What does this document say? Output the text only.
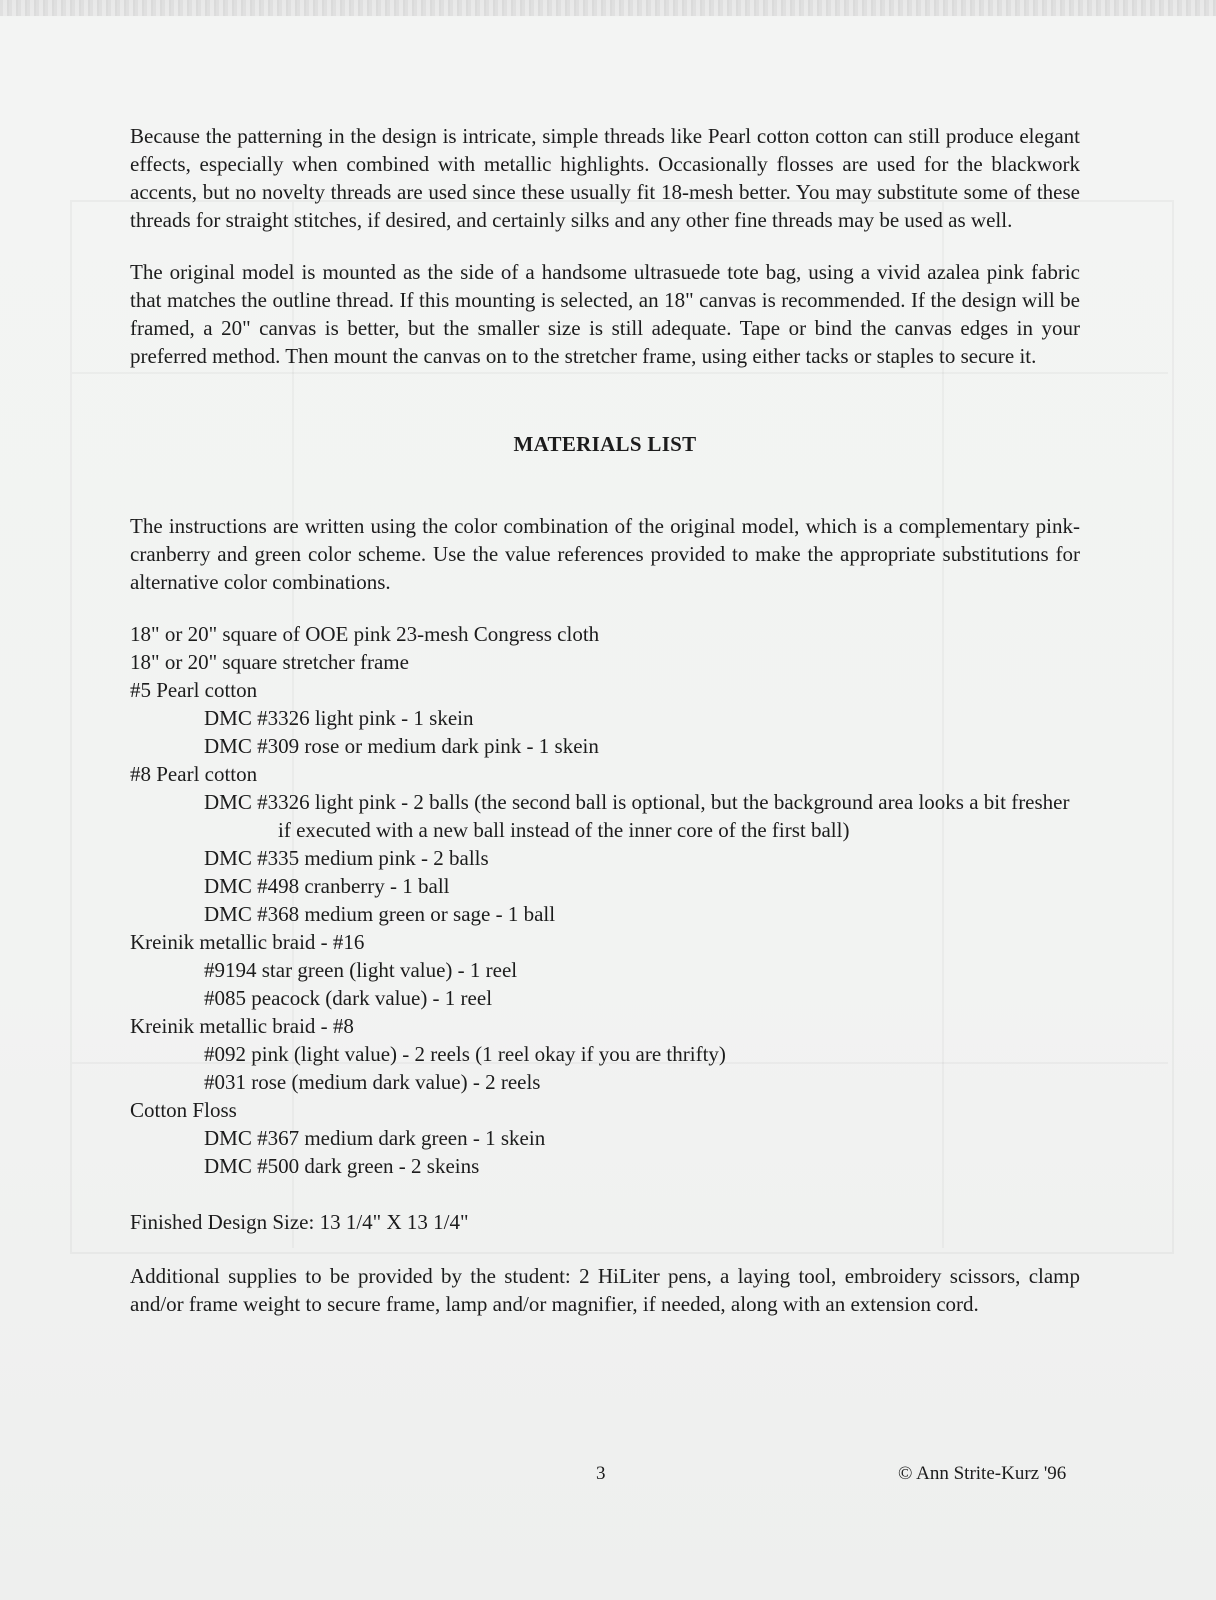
Because the patterning in the design is intricate, simple threads like Pearl cotton cotton can still produce elegant effects, especially when combined with metallic highlights. Occasionally flosses are used for the blackwork accents, but no novelty threads are used since these usually fit 18-mesh better. You may substitute some of these threads for straight stitches, if desired, and certainly silks and any other fine threads may be used as well.

The original model is mounted as the side of a handsome ultrasuede tote bag, using a vivid azalea pink fabric that matches the outline thread. If this mounting is selected, an 18" canvas is recommended. If the design will be framed, a 20" canvas is better, but the smaller size is still adequate. Tape or bind the canvas edges in your preferred method. Then mount the canvas on to the stretcher frame, using either tacks or staples to secure it.

MATERIALS LIST

The instructions are written using the color combination of the original model, which is a complementary pink-cranberry and green color scheme. Use the value references provided to make the appropriate substitutions for alternative color combinations.

18" or 20" square of OOE pink 23-mesh Congress cloth
18" or 20" square stretcher frame
#5 Pearl cotton
DMC #3326 light pink - 1 skein
DMC #309 rose or medium dark pink - 1 skein
#8 Pearl cotton
DMC #3326 light pink - 2 balls (the second ball is optional, but the background area looks a bit fresher if executed with a new ball instead of the inner core of the first ball)
DMC #335 medium pink - 2 balls
DMC #498 cranberry - 1 ball
DMC #368 medium green or sage - 1 ball
Kreinik metallic braid - #16
#9194 star green (light value) - 1 reel
#085 peacock (dark value) - 1 reel
Kreinik metallic braid - #8
#092 pink (light value) - 2 reels (1 reel okay if you are thrifty)
#031 rose (medium dark value) - 2 reels
Cotton Floss
DMC #367 medium dark green - 1 skein
DMC #500 dark green - 2 skeins
Finished Design Size: 13 1/4" X 13 1/4"
Additional supplies to be provided by the student: 2 HiLiter pens, a laying tool, embroidery scissors, clamp and/or frame weight to secure frame, lamp and/or magnifier, if needed, along with an extension cord.
3	© Ann Strite-Kurz '96
